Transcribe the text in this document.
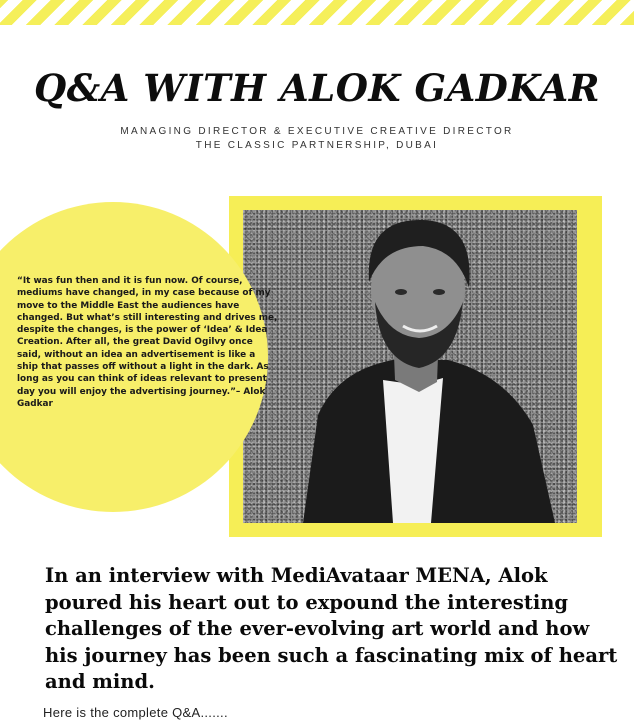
Q&A WITH ALOK GADKAR
MANAGING DIRECTOR & EXECUTIVE CREATIVE DIRECTOR
THE CLASSIC PARTNERSHIP, DUBAI

“It was fun then and it is fun now. Of course, mediums have changed, in my case because of my move to the Middle East the audiences have changed. But what’s still interesting and drives me, despite the changes, is the power of ‘Idea’ & Idea Creation. After all, the great David Ogilvy once said, without an idea an advertisement is like a ship that passes off without a light in the dark. As long as you can think of ideas relevant to present day you will enjoy the advertising journey.”– Alok Gadkar

In an interview with MediAvataar MENA, Alok poured his heart out to expound the interesting challenges of the ever-evolving art world and how his journey has been such a fascinating mix of heart and mind.

Here is the complete Q&A.......
